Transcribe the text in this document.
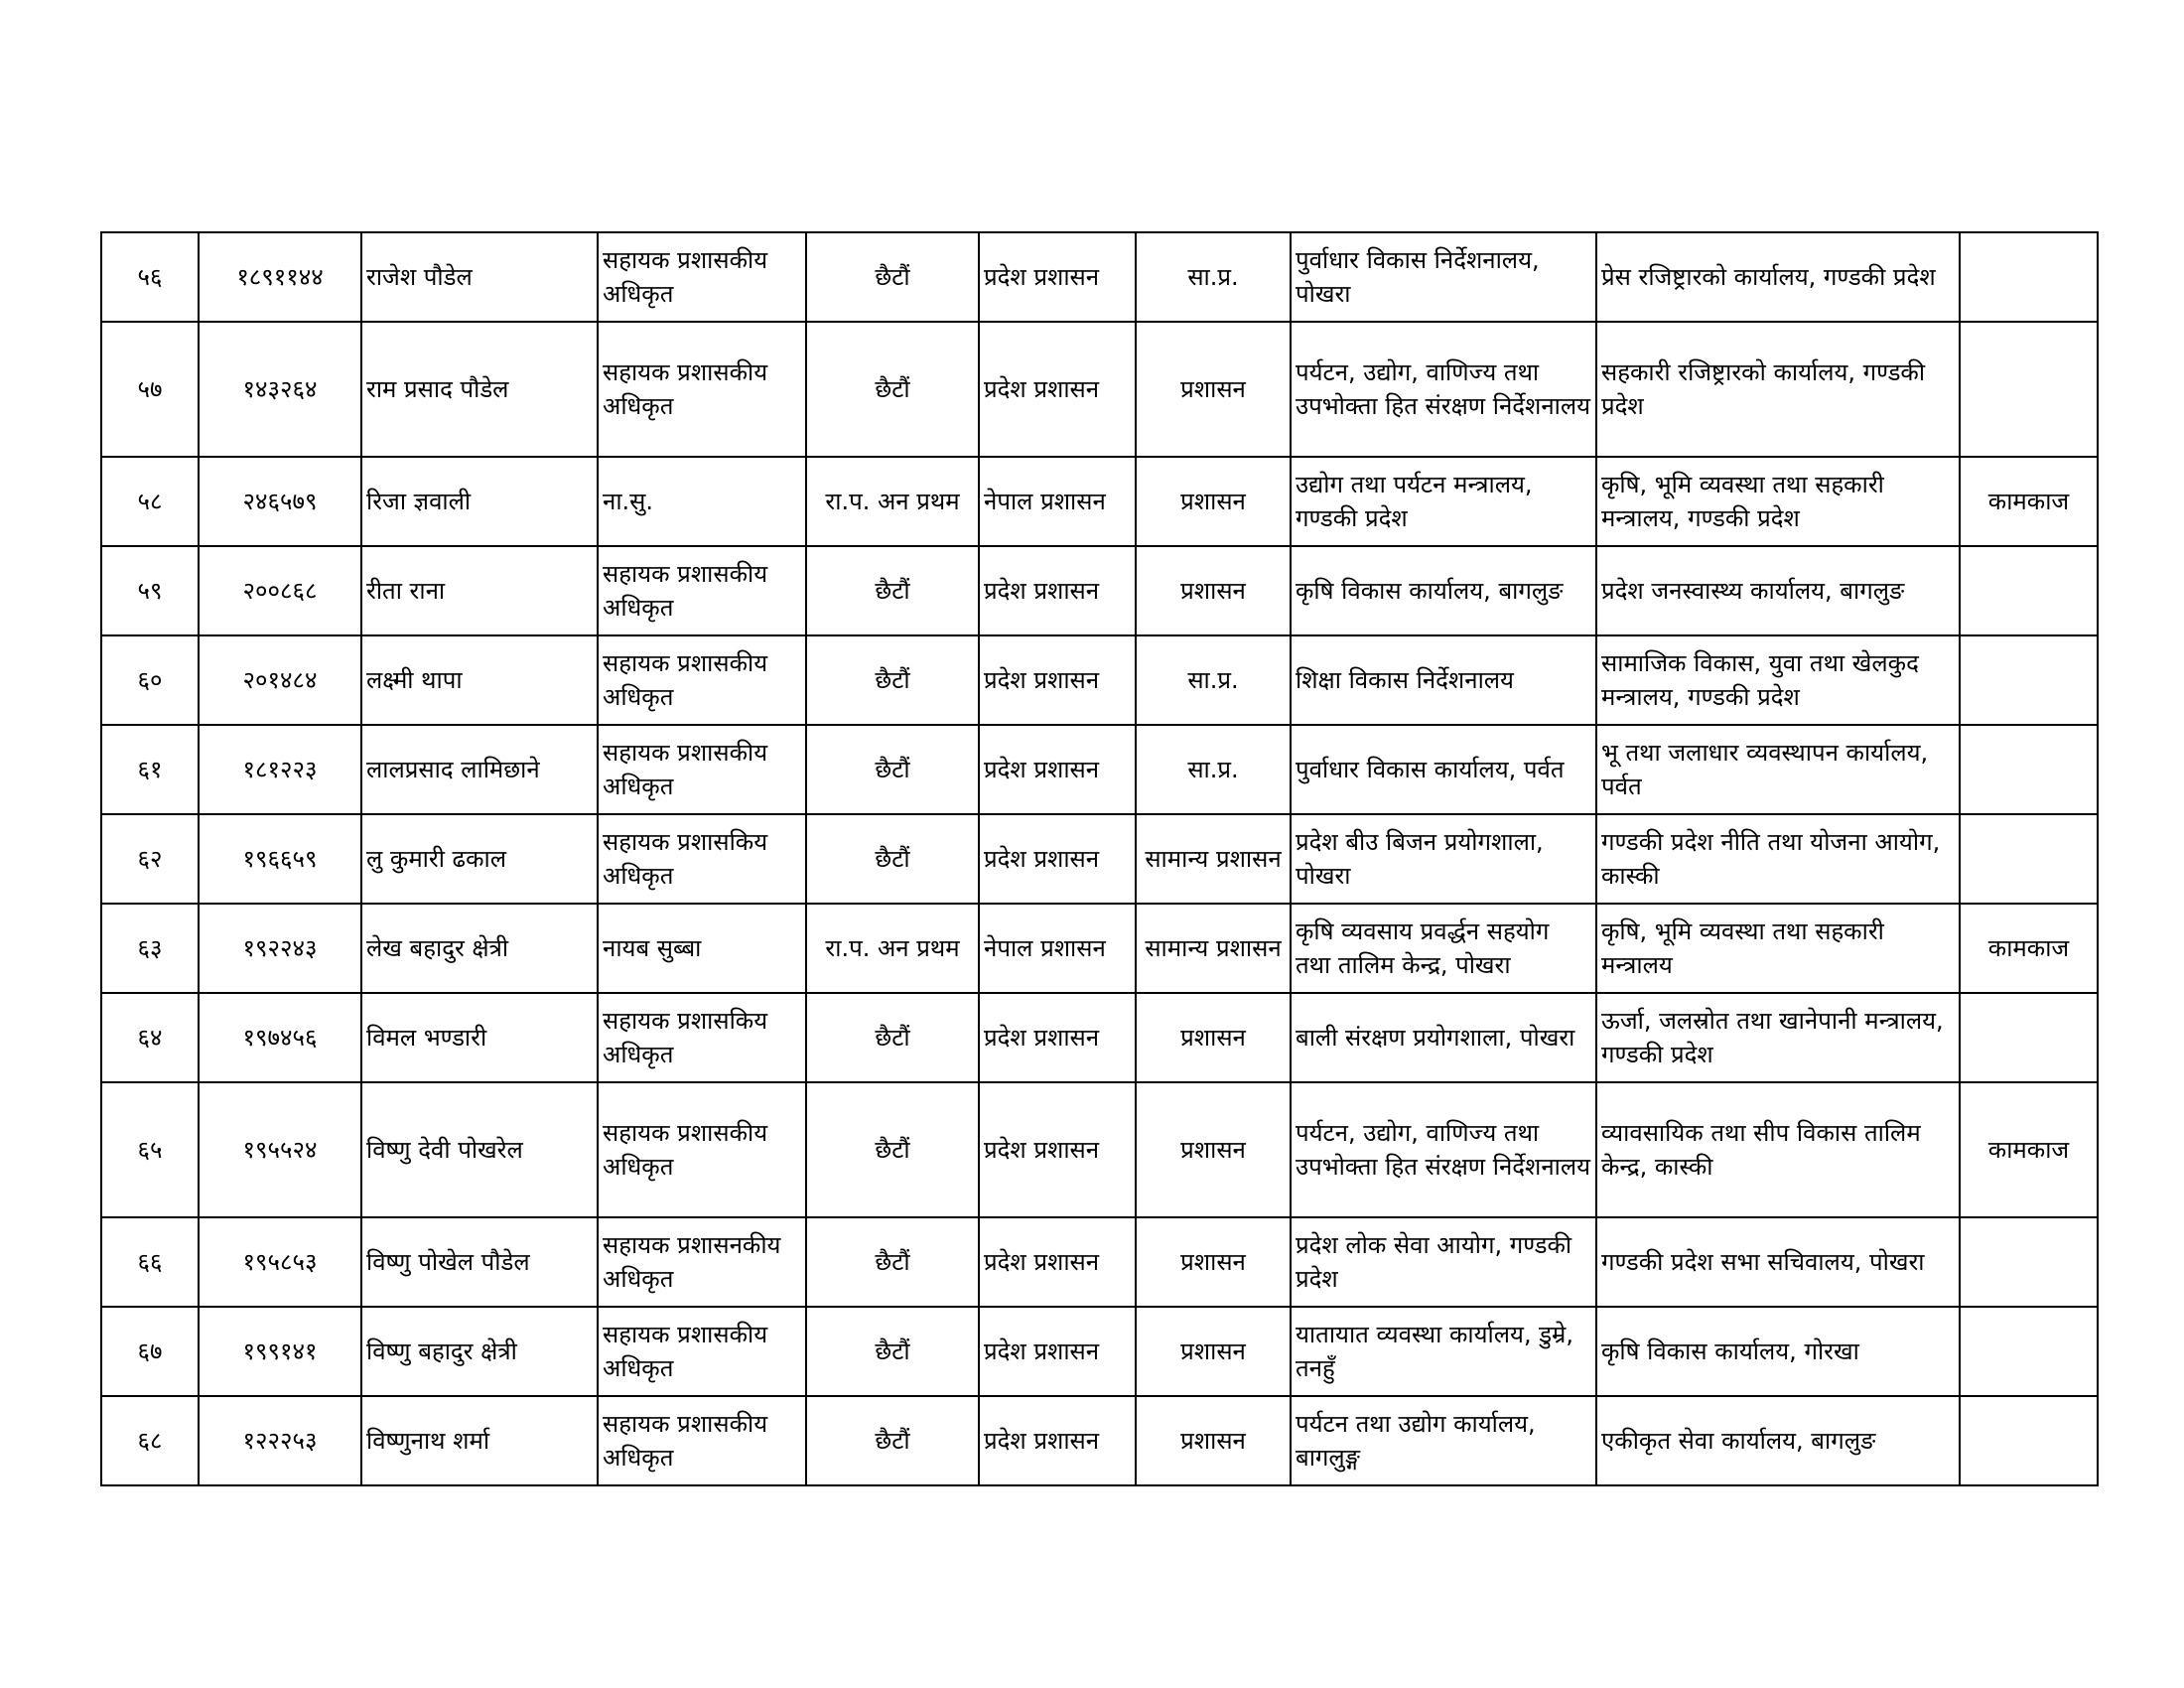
५६	१८९११४४	राजेश पौडेल	सहायक प्रशासकीय अधिकृत	छैटौं	प्रदेश प्रशासन	सा.प्र.	पुर्वाधार विकास निर्देशनालय, पोखरा	प्रेस रजिष्ट्रारको कार्यालय, गण्डकी प्रदेश	
५७	१४३२६४	राम प्रसाद पौडेल	सहायक प्रशासकीय अधिकृत	छैटौं	प्रदेश प्रशासन	प्रशासन	पर्यटन, उद्योग, वाणिज्य तथा उपभोक्ता हित संरक्षण निर्देशनालय	सहकारी रजिष्ट्रारको कार्यालय, गण्डकी प्रदेश	
५८	२४६५७९	रिजा ज्ञवाली	ना.सु.	रा.प. अन प्रथम	नेपाल प्रशासन	प्रशासन	उद्योग तथा पर्यटन मन्त्रालय, गण्डकी प्रदेश	कृषि, भूमि व्यवस्था तथा सहकारी मन्त्रालय, गण्डकी प्रदेश	कामकाज
५९	२००८६८	रीता राना	सहायक प्रशासकीय अधिकृत	छैटौं	प्रदेश प्रशासन	प्रशासन	कृषि विकास कार्यालय, बागलुङ	प्रदेश जनस्वास्थ्य कार्यालय, बागलुङ	
६०	२०१४८४	लक्ष्मी थापा	सहायक प्रशासकीय अधिकृत	छैटौं	प्रदेश प्रशासन	सा.प्र.	शिक्षा विकास निर्देशनालय	सामाजिक विकास, युवा तथा खेलकुद मन्त्रालय, गण्डकी प्रदेश	
६१	१८१२२३	लालप्रसाद लामिछाने	सहायक प्रशासकीय अधिकृत	छैटौं	प्रदेश प्रशासन	सा.प्र.	पुर्वाधार विकास कार्यालय, पर्वत	भू तथा जलाधार व्यवस्थापन कार्यालय, पर्वत	
६२	१९६६५९	लु कुमारी ढकाल	सहायक प्रशासकिय अधिकृत	छैटौं	प्रदेश प्रशासन	सामान्य प्रशासन	प्रदेश बीउ बिजन प्रयोगशाला, पोखरा	गण्डकी प्रदेश नीति तथा योजना आयोग, कास्की	
६३	१९२२४३	लेख बहादुर क्षेत्री	नायब सुब्बा	रा.प. अन प्रथम	नेपाल प्रशासन	सामान्य प्रशासन	कृषि व्यवसाय प्रवर्द्धन सहयोग तथा तालिम केन्द्र, पोखरा	कृषि, भूमि व्यवस्था तथा सहकारी मन्त्रालय	कामकाज
६४	१९७४५६	विमल भण्डारी	सहायक प्रशासकिय अधिकृत	छैटौं	प्रदेश प्रशासन	प्रशासन	बाली संरक्षण प्रयोगशाला, पोखरा	ऊर्जा, जलस्रोत तथा खानेपानी मन्त्रालय, गण्डकी प्रदेश	
६५	१९५५२४	विष्णु देवी पोखरेल	सहायक प्रशासकीय अधिकृत	छैटौं	प्रदेश प्रशासन	प्रशासन	पर्यटन, उद्योग, वाणिज्य तथा उपभोक्ता हित संरक्षण निर्देशनालय	व्यावसायिक तथा सीप विकास तालिम केन्द्र, कास्की	कामकाज
६६	१९५८५३	विष्णु पोखेल पौडेल	सहायक प्रशासनकीय अधिकृत	छैटौं	प्रदेश प्रशासन	प्रशासन	प्रदेश लोक सेवा आयोग, गण्डकी प्रदेश	गण्डकी प्रदेश सभा सचिवालय, पोखरा	
६७	१९९१४१	विष्णु बहादुर क्षेत्री	सहायक प्रशासकीय अधिकृत	छैटौं	प्रदेश प्रशासन	प्रशासन	यातायात व्यवस्था कार्यालय, डुम्रे, तनहुँ	कृषि विकास कार्यालय, गोरखा	
६८	१२२२५३	विष्णुनाथ शर्मा	सहायक प्रशासकीय अधिकृत	छैटौं	प्रदेश प्रशासन	प्रशासन	पर्यटन तथा उद्योग कार्यालय, बागलुङ्ग	एकीकृत सेवा कार्यालय, बागलुङ	
